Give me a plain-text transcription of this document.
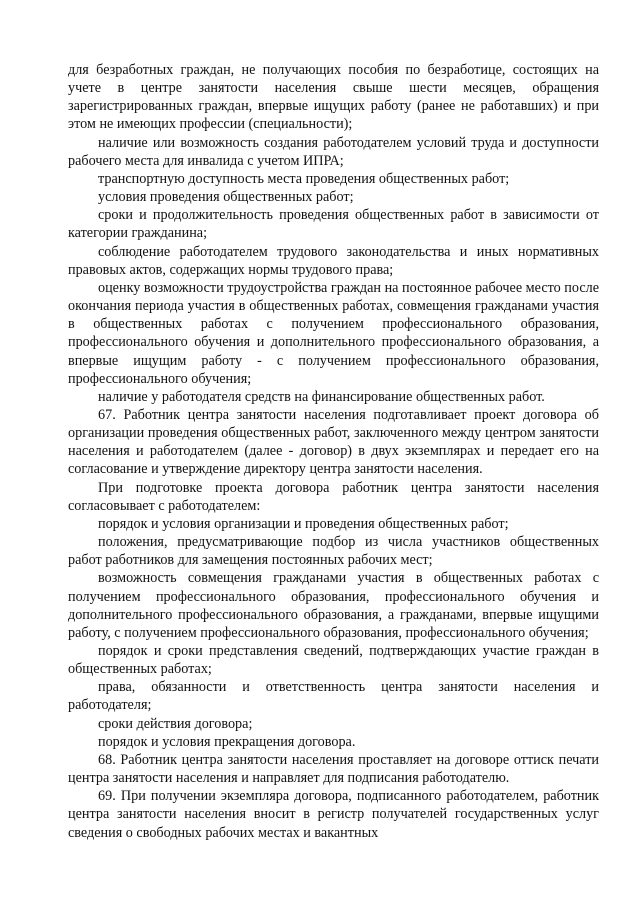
для безработных граждан, не получающих пособия по безработице, состоящих на учете в центре занятости населения свыше шести месяцев, обращения зарегистрированных граждан, впервые ищущих работу (ранее не работавших) и при этом не имеющих профессии (специальности);

наличие или возможность создания работодателем условий труда и доступности рабочего места для инвалида с учетом ИПРА;

транспортную доступность места проведения общественных работ;

условия проведения общественных работ;

сроки и продолжительность проведения общественных работ в зависимости от категории гражданина;

соблюдение работодателем трудового законодательства и иных нормативных правовых актов, содержащих нормы трудового права;

оценку возможности трудоустройства граждан на постоянное рабочее место после окончания периода участия в общественных работах, совмещения гражданами участия в общественных работах с получением профессионального образования, профессионального обучения и дополнительного профессионального образования, а впервые ищущим работу - с получением профессионального образования, профессионального обучения;

наличие у работодателя средств на финансирование общественных работ.

67. Работник центра занятости населения подготавливает проект договора об организации проведения общественных работ, заключенного между центром занятости населения и работодателем (далее - договор) в двух экземплярах и передает его на согласование и утверждение директору центра занятости населения.

При подготовке проекта договора работник центра занятости населения согласовывает с работодателем:

порядок и условия организации и проведения общественных работ;

положения, предусматривающие подбор из числа участников общественных работ работников для замещения постоянных рабочих мест;

возможность совмещения гражданами участия в общественных работах с получением профессионального образования, профессионального обучения и дополнительного профессионального образования, а гражданами, впервые ищущими работу, с получением профессионального образования, профессионального обучения;

порядок и сроки представления сведений, подтверждающих участие граждан в общественных работах;

права, обязанности и ответственность центра занятости населения и работодателя;

сроки действия договора;

порядок и условия прекращения договора.

68. Работник центра занятости населения проставляет на договоре оттиск печати центра занятости населения и направляет для подписания работодателю.

69. При получении экземпляра договора, подписанного работодателем, работник центра занятости населения вносит в регистр получателей государственных услуг сведения о свободных рабочих местах и вакантных
